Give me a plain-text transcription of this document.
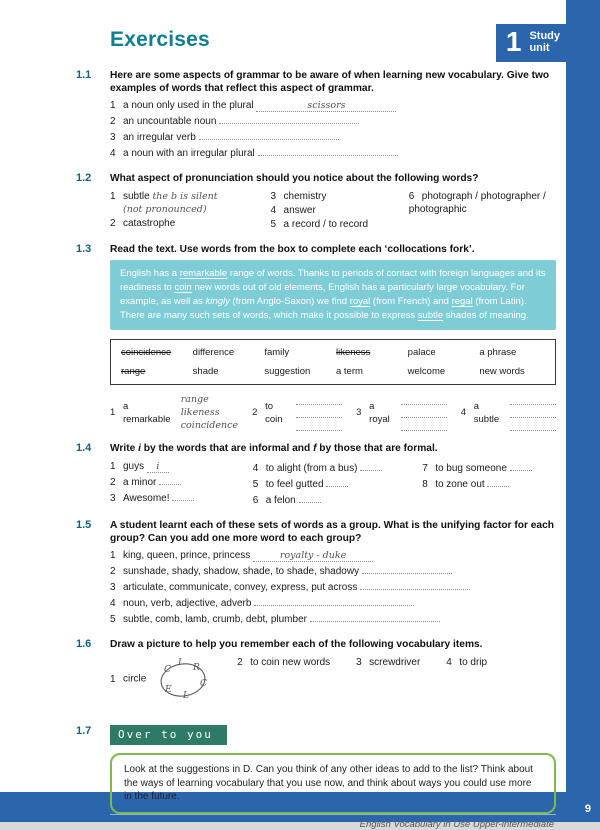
9
Exercises	1 Study
unit
1.1	Here are some aspects of grammar to be aware of when learning new vocabulary. Give two examples of words that reflect this aspect of grammar.
1 a noun only used in the plural	scissors
2 an uncountable noun
3 an irregular verb
4 a noun with an irregular plural
1.2	What aspect of pronunciation should you notice about the following words?
1 subtle the b is silent
(not pronounced)
2 catastrophe
3 chemistry
4 answer
5 a record / to record
6 photograph / photographer / photographic
1.3	Read the text. Use words from the box to complete each ‘collocations fork’.
English has a remarkable range of words. Thanks to periods of contact with foreign languages and its readiness to coin new words out of old elements, English has a particularly large vocabulary. For example, as well as kingly (from Anglo-Saxon) we find royal (from French) and regal (from Latin). There are many such sets of words, which make it possible to express subtle shades of meaning.
coincidence	difference	family	likeness	palace	a phrase
range	shade	suggestion	a term	welcome	new words
1
a remarkable
range
likeness
coincidence
2
to coin
3
a royal
4
a subtle
1.4	Write i by the words that are informal and f by those that are formal.
1 guys i
2 a minor
3 Awesome!
4 to alight (from a bus)
5 to feel gutted
6 a felon
7 to bug someone
8 to zone out
1.5	A student learnt each of these sets of words as a group. What is the unifying factor for each group? Can you add one more word to each group?
1 king, queen, prince, princess	royalty - duke
2 sunshade, shady, shadow, shade, to shade, shadowy
3 articulate, communicate, convey, express, put across
4 noun, verb, adjective, adverb
5 subtle, comb, lamb, crumb, debt, plumber
1.6	Draw a picture to help you remember each of the following vocabulary items.
1 circle
C
I R
C
L
E
2 to coin new words	3 screwdriver	4 to drip
1.7	Over to you
Look at the suggestions in D. Can you think of any other ideas to add to the list? Think about the ways of learning vocabulary that you use now, and think about ways you could use more in the future.
English Vocabulary in Use Upper-intermediate
